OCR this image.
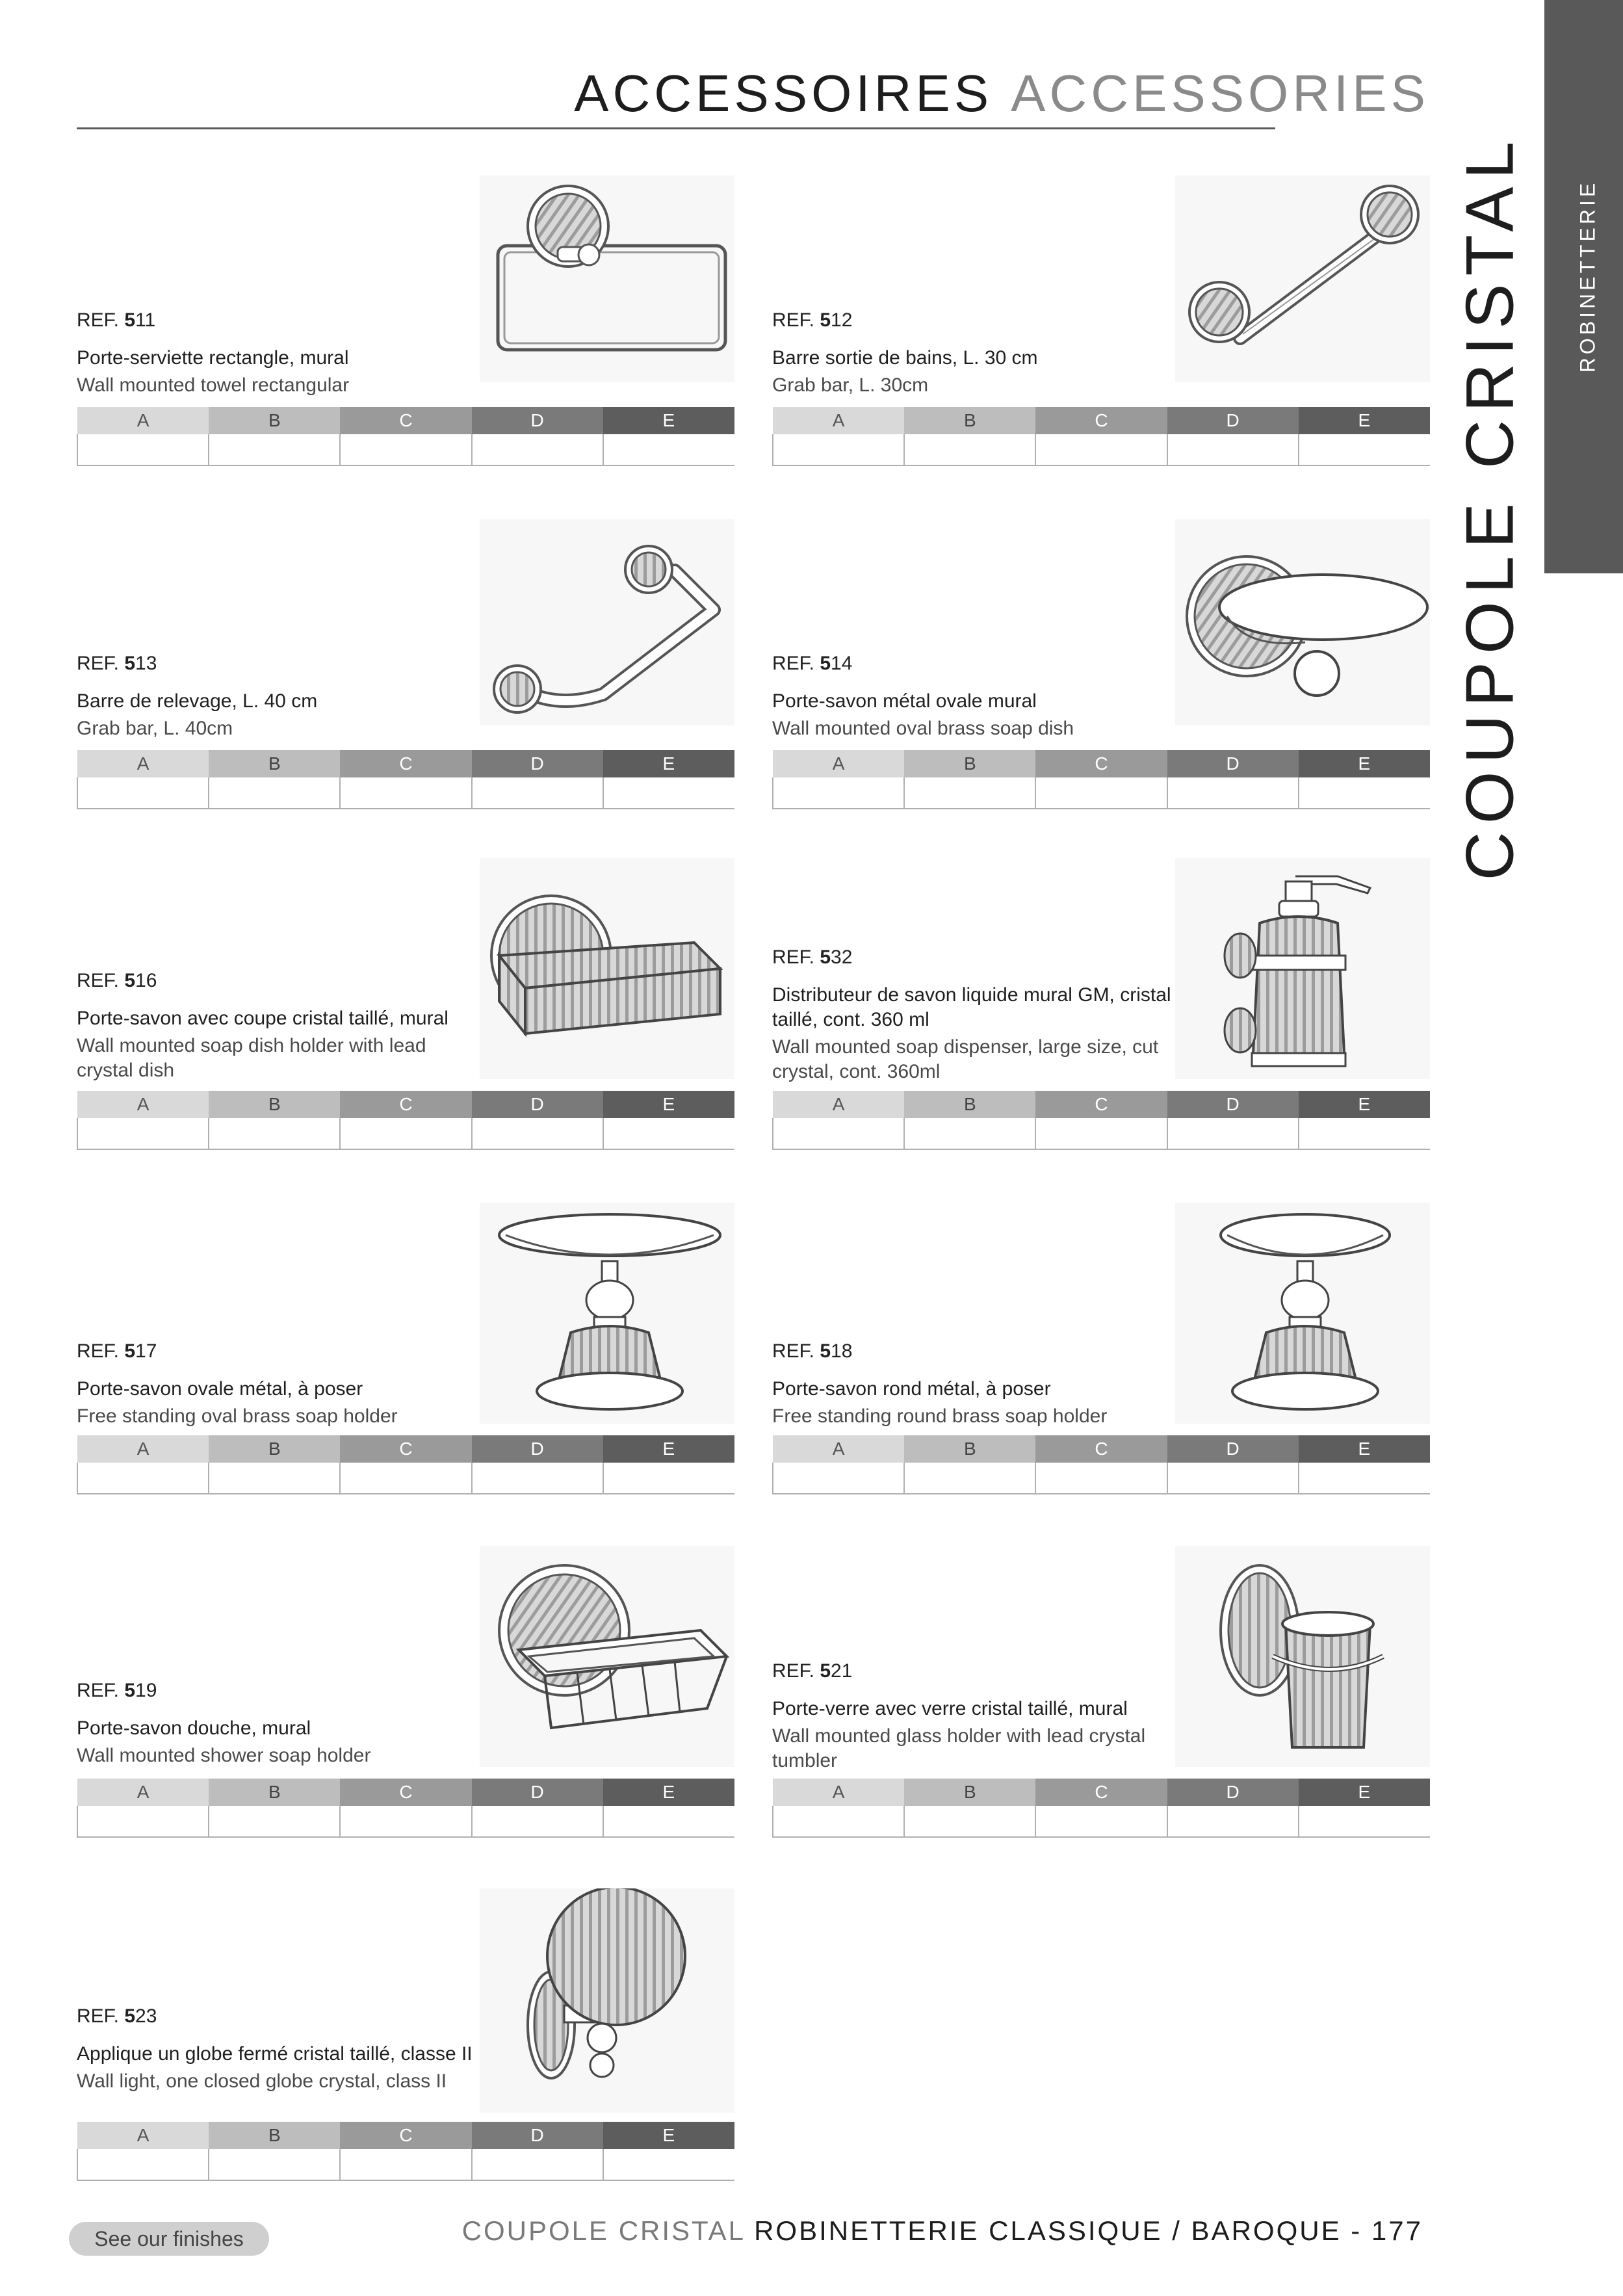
ACCESSOIRES ACCESSORIES
ROBINETTERIE
COUPOLE CRISTAL
REF. 511
Porte-serviette rectangle, mural
Wall mounted towel rectangular
A	B	C	D	E

REF. 512
Barre sortie de bains, L. 30 cm
Grab bar, L. 30cm
A	B	C	D	E

REF. 513
Barre de relevage, L. 40 cm
Grab bar, L. 40cm
A	B	C	D	E

REF. 514
Porte-savon métal ovale mural
Wall mounted oval brass soap dish
A	B	C	D	E

REF. 516
Porte-savon avec coupe cristal taillé, mural
Wall mounted soap dish holder with lead crystal dish
A	B	C	D	E

REF. 532
Distributeur de savon liquide mural GM, cristal taillé, cont. 360 ml
Wall mounted soap dispenser, large size, cut crystal, cont. 360ml
A	B	C	D	E

REF. 517
Porte-savon ovale métal, à poser
Free standing oval brass soap holder
A	B	C	D	E

REF. 518
Porte-savon rond métal, à poser
Free standing round brass soap holder
A	B	C	D	E

REF. 519
Porte-savon douche, mural
Wall mounted shower soap holder
A	B	C	D	E

REF. 521
Porte-verre avec verre cristal taillé, mural
Wall mounted glass holder with lead crystal tumbler
A	B	C	D	E

REF. 523
Applique un globe fermé cristal taillé, classe II
Wall light, one closed globe crystal, class II
A	B	C	D	E

See our finishes	COUPOLE CRISTAL ROBINETTERIE CLASSIQUE / BAROQUE - 177
